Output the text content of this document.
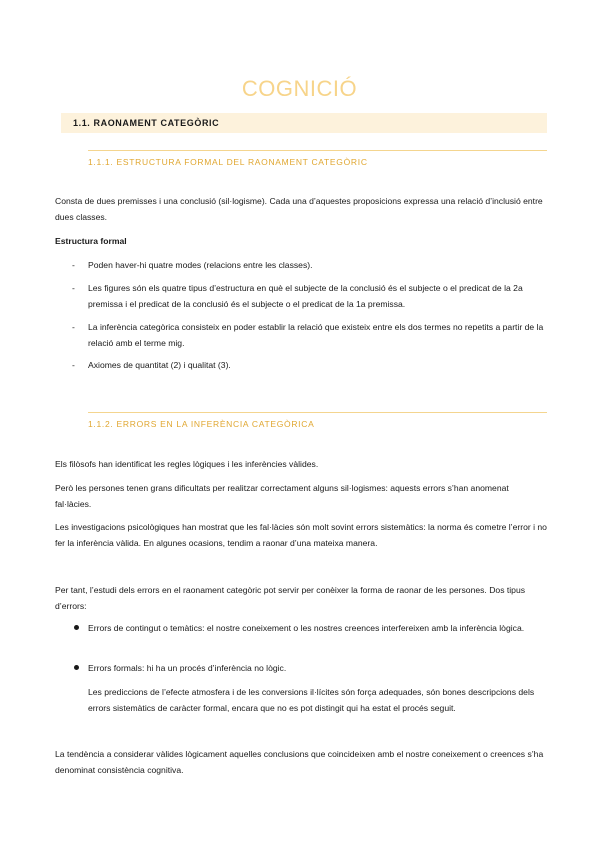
COGNICIÓ
1.1. RAONAMENT CATEGÒRIC
1.1.1. ESTRUCTURA FORMAL DEL RAONAMENT CATEGÒRIC
Consta de dues premisses i una conclusió (sil·logisme). Cada una d’aquestes proposicions expressa una relació d’inclusió entre dues classes.
Estructura formal
- Poden haver-hi quatre modes (relacions entre les classes).
- Les figures són els quatre tipus d’estructura en què el subjecte de la conclusió és el subjecte o el predicat de la 2a premissa i el predicat de la conclusió és el subjecte o el predicat de la 1a premissa.
- La inferència categòrica consisteix en poder establir la relació que existeix entre els dos termes no repetits a partir de la relació amb el terme mig.
- Axiomes de quantitat (2) i qualitat (3).
1.1.2. ERRORS EN LA INFERÈNCIA CATEGÒRICA
Els filòsofs han identificat les regles lògiques i les inferències vàlides.
Però les persones tenen grans dificultats per realitzar correctament alguns sil·logismes: aquests errors s’han anomenat fal·làcies.
Les investigacions psicològiques han mostrat que les fal·làcies són molt sovint errors sistemàtics: la norma és cometre l’error i no fer la inferència vàlida. En algunes ocasions, tendim a raonar d’una mateixa manera.
Per tant, l’estudi dels errors en el raonament categòric pot servir per conèixer la forma de raonar de les persones. Dos tipus d’errors:
Errors de contingut o temàtics: el nostre coneixement o les nostres creences interfereixen amb la inferència lògica.
Errors formals: hi ha un procés d’inferència no lògic.
Les prediccions de l’efecte atmosfera i de les conversions il·lícites són força adequades, són bones descripcions dels errors sistemàtics de caràcter formal, encara que no es pot distingit qui ha estat el procés seguit.
La tendència a considerar vàlides lògicament aquelles conclusions que coincideixen amb el nostre coneixement o creences s’ha denominat consistència cognitiva.
